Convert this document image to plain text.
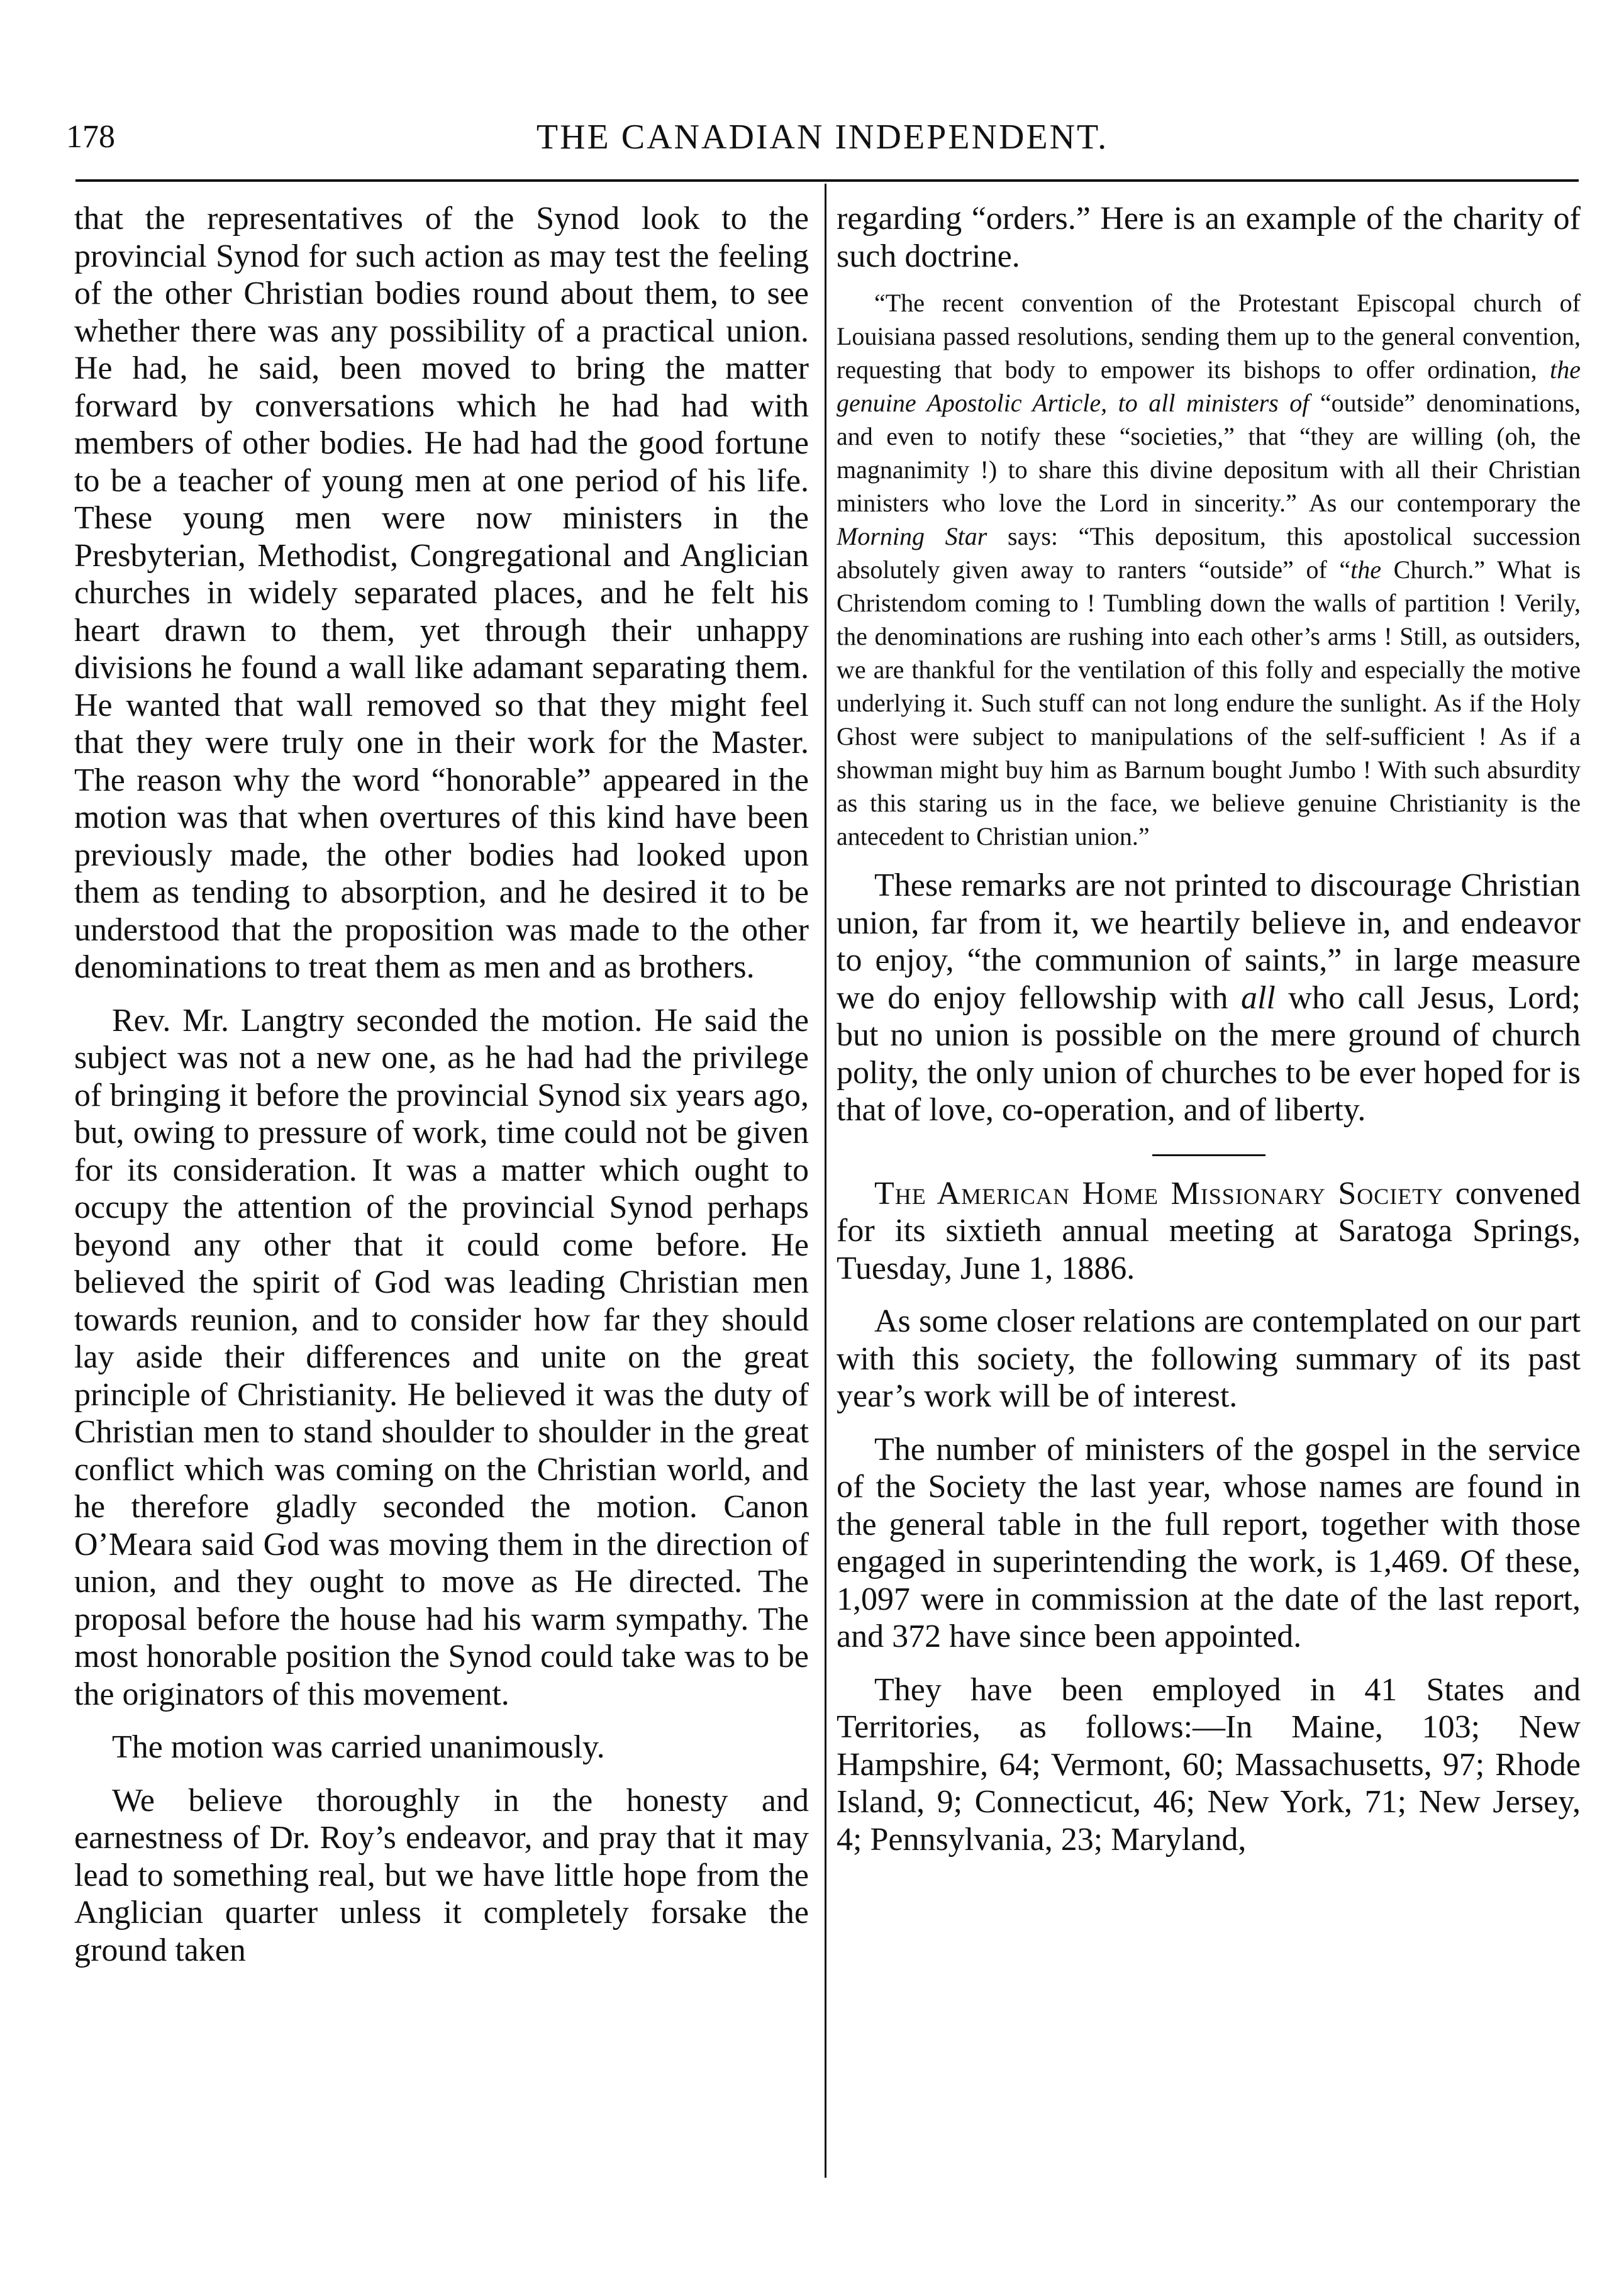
178	THE CANADIAN INDEPENDENT.

that the representatives of the Synod look to the provincial Synod for such action as may test the feeling of the other Christian bodies round about them, to see whether there was any possibility of a practical union. He had, he said, been moved to bring the matter forward by conversations which he had had with members of other bodies. He had had the good fortune to be a teacher of young men at one period of his life. These young men were now ministers in the Presbyterian, Methodist, Congregational and Anglician churches in widely separated places, and he felt his heart drawn to them, yet through their unhappy divisions he found a wall like adamant separating them. He wanted that wall removed so that they might feel that they were truly one in their work for the Master. The reason why the word “honorable” appeared in the motion was that when overtures of this kind have been previously made, the other bodies had looked upon them as tending to absorption, and he desired it to be understood that the proposition was made to the other denominations to treat them as men and as brothers.

Rev. Mr. Langtry seconded the motion. He said the subject was not a new one, as he had had the privilege of bringing it before the provincial Synod six years ago, but, owing to pressure of work, time could not be given for its consideration. It was a matter which ought to occupy the attention of the provincial Synod perhaps beyond any other that it could come before. He believed the spirit of God was leading Christian men towards reunion, and to consider how far they should lay aside their differences and unite on the great principle of Christianity. He believed it was the duty of Christian men to stand shoulder to shoulder in the great conflict which was coming on the Christian world, and he therefore gladly seconded the motion. Canon O’Meara said God was moving them in the direction of union, and they ought to move as He directed. The proposal before the house had his warm sympathy. The most honorable position the Synod could take was to be the originators of this movement.

The motion was carried unanimously.

We believe thoroughly in the honesty and earnestness of Dr. Roy’s endeavor, and pray that it may lead to something real, but we have little hope from the Anglician quarter unless it completely forsake the ground taken

regarding “orders.” Here is an example of the charity of such doctrine.

“The recent convention of the Protestant Episcopal church of Louisiana passed resolutions, sending them up to the general convention, requesting that body to empower its bishops to offer ordination, the genuine Apostolic Article, to all ministers of “outside” denominations, and even to notify these “societies,” that “they are willing (oh, the magnanimity !) to share this divine depositum with all their Christian ministers who love the Lord in sincerity.” As our contemporary the Morning Star says: “This depositum, this apostolical succession absolutely given away to ranters “outside” of “the Church.” What is Christendom coming to ! Tumbling down the walls of partition ! Verily, the denominations are rushing into each other’s arms ! Still, as outsiders, we are thankful for the ventilation of this folly and especially the motive underlying it. Such stuff can not long endure the sunlight. As if the Holy Ghost were subject to manipulations of the self-sufficient ! As if a showman might buy him as Barnum bought Jumbo ! With such absurdity as this staring us in the face, we believe genuine Christianity is the antecedent to Christian union.”

These remarks are not printed to discourage Christian union, far from it, we heartily believe in, and endeavor to enjoy, “the communion of saints,” in large measure we do enjoy fellowship with all who call Jesus, Lord; but no union is possible on the mere ground of church polity, the only union of churches to be ever hoped for is that of love, co-operation, and of liberty.

The American Home Missionary Society convened for its sixtieth annual meeting at Saratoga Springs, Tuesday, June 1, 1886.

As some closer relations are contemplated on our part with this society, the following summary of its past year’s work will be of interest.

The number of ministers of the gospel in the service of the Society the last year, whose names are found in the general table in the full report, together with those engaged in superintending the work, is 1,469. Of these, 1,097 were in commission at the date of the last report, and 372 have since been appointed.

They have been employed in 41 States and Territories, as follows:—In Maine, 103; New Hampshire, 64; Vermont, 60; Massachusetts, 97; Rhode Island, 9; Connecticut, 46; New York, 71; New Jersey, 4; Pennsylvania, 23; Maryland,
